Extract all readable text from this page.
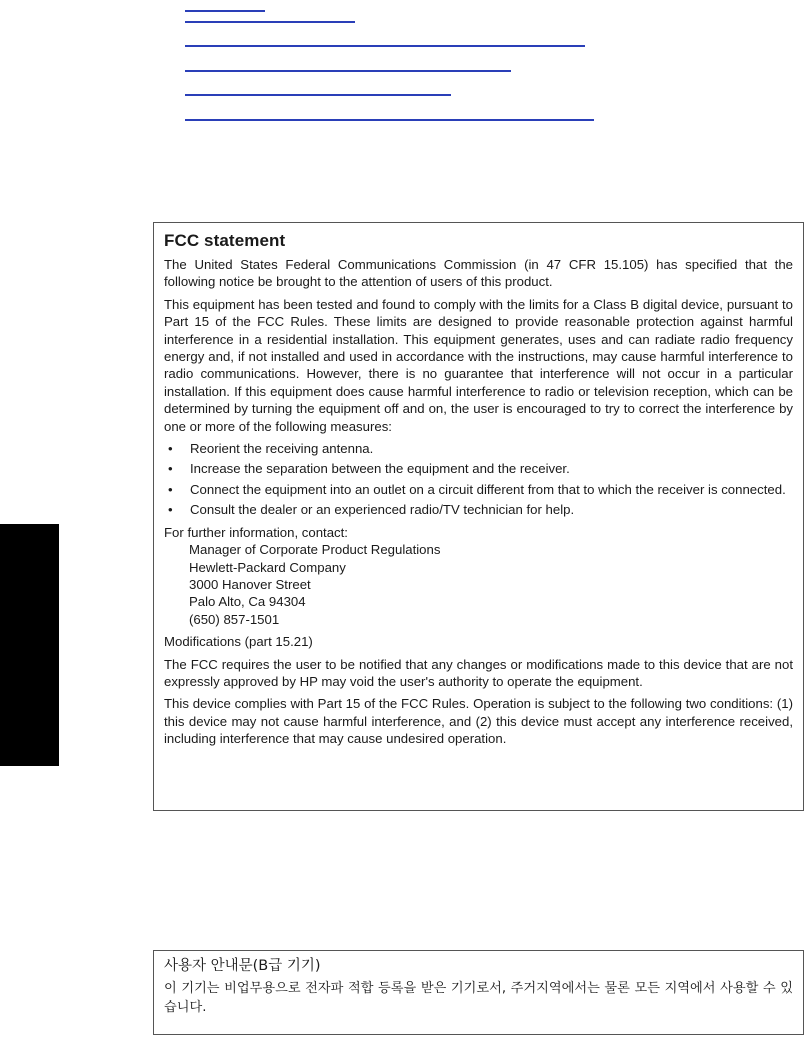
FCC statement

The United States Federal Communications Commission (in 47 CFR 15.105) has specified that the following notice be brought to the attention of users of this product.

This equipment has been tested and found to comply with the limits for a Class B digital device, pursuant to Part 15 of the FCC Rules. These limits are designed to provide reasonable protection against harmful interference in a residential installation. This equipment generates, uses and can radiate radio frequency energy and, if not installed and used in accordance with the instructions, may cause harmful interference to radio communications. However, there is no guarantee that interference will not occur in a particular installation. If this equipment does cause harmful interference to radio or television reception, which can be determined by turning the equipment off and on, the user is encouraged to try to correct the interference by one or more of the following measures:

• Reorient the receiving antenna.
• Increase the separation between the equipment and the receiver.
• Connect the equipment into an outlet on a circuit different from that to which the receiver is connected.
• Consult the dealer or an experienced radio/TV technician for help.
For further information, contact:
Manager of Corporate Product Regulations
Hewlett-Packard Company
3000 Hanover Street
Palo Alto, Ca 94304
(650) 857-1501

Modifications (part 15.21)

The FCC requires the user to be notified that any changes or modifications made to this device that are not expressly approved by HP may void the user's authority to operate the equipment.

This device complies with Part 15 of the FCC Rules. Operation is subject to the following two conditions: (1) this device may not cause harmful interference, and (2) this device must accept any interference received, including interference that may cause undesired operation.

사용자 안내문(B급 기기)

이 기기는 비업무용으로 전자파 적합 등록을 받은 기기로서, 주거지역에서는 물론 모든 지역에서 사용할 수 있습니다.
